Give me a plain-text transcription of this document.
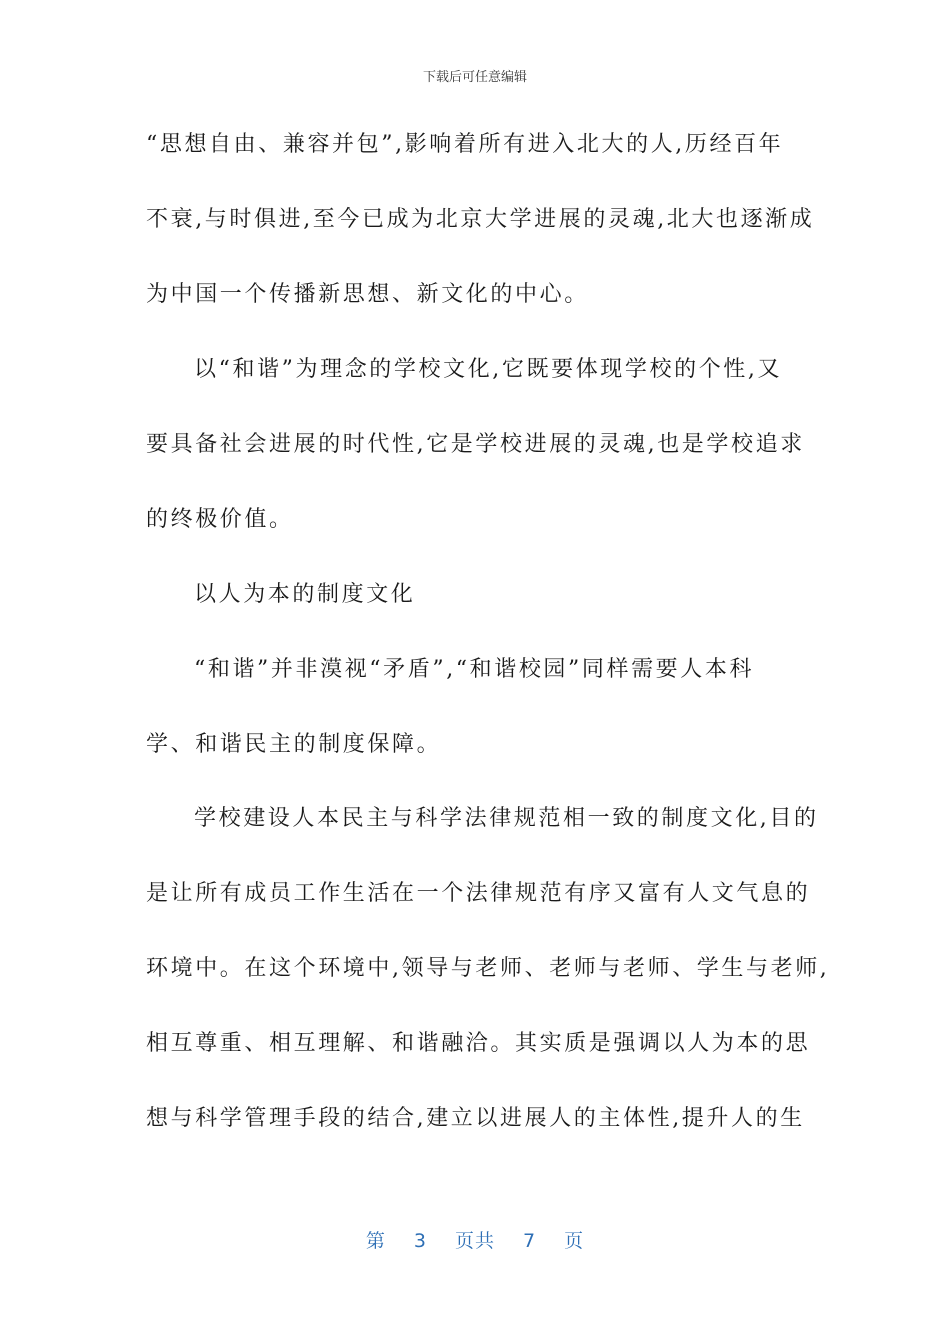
下载后可任意编辑
“思想自由、兼容并包”,影响着所有进入北大的人,历经百年
不衰,与时俱进,至今已成为北京大学进展的灵魂,北大也逐渐成
为中国一个传播新思想、新文化的中心。
以“和谐”为理念的学校文化,它既要体现学校的个性,又
要具备社会进展的时代性,它是学校进展的灵魂,也是学校追求
的终极价值。
以人为本的制度文化
“和谐”并非漠视“矛盾”,“和谐校园”同样需要人本科
学、和谐民主的制度保障。
学校建设人本民主与科学法律规范相一致的制度文化,目的
是让所有成员工作生活在一个法律规范有序又富有人文气息的
环境中。在这个环境中,领导与老师、老师与老师、学生与老师,
相互尊重、相互理解、和谐融洽。其实质是强调以人为本的思
想与科学管理手段的结合,建立以进展人的主体性,提升人的生
第 3 页共 7 页
